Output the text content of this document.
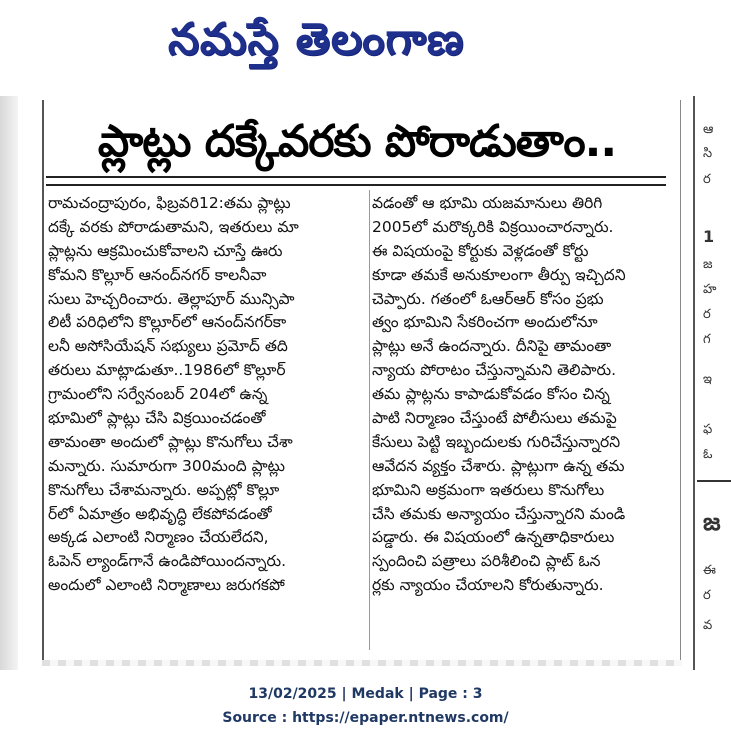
నమస్తే తెలంగాణ
ప్లాట్లు దక్కేవరకు పోరాడుతాం..
రామచంద్రాపురం, ఫిబ్రవరి12:తమ ప్లాట్లు
దక్కే వరకు పోరాడుతామని, ఇతరులు మా
ప్లాట్లను ఆక్రమించుకోవాలని చూస్తే ఊరు
కోమని కొల్లూర్ ఆనంద్‌నగర్ కాలనీవా
సులు హెచ్చరించారు. తెల్లాపూర్ మున్సిపా
లిటీ పరిధిలోని కొల్లూర్‌లో ఆనంద్‌నగర్‌కా
లనీ అసోసియేషన్ సభ్యులు ప్రమోద్ తది
తరులు మాట్లాడుతూ..1986లో కొల్లూర్
గ్రామంలోని సర్వేనంబర్ 204లో ఉన్న
భూమిలో ప్లాట్లు చేసి విక్రయించడంతో
తామంతా అందులో ప్లాట్లు కొనుగోలు చేశా
మన్నారు. సుమారుగా 300మంది ప్లాట్లు
కొనుగోలు చేశామన్నారు. అప్పట్లో కొల్లూ
ర్‌లో ఏమాత్రం అభివృద్ధి లేకపోవడంతో
అక్కడ ఎలాంటి నిర్మాణం చేయలేదని,
ఓపెన్ ల్యాండ్‌గానే ఉండిపోయిందన్నారు.
అందులో ఎలాంటి నిర్మాణాలు జరుగకపో
వడంతో ఆ భూమి యజమానులు తిరిగి
2005లో మరొక్కరికి విక్రయించారన్నారు.
ఈ విషయంపై కోర్టుకు వెళ్లడంతో కోర్టు
కూడా తమకే అనుకూలంగా తీర్పు ఇచ్చిదని
చెప్పారు. గతంలో ఓఆర్ఆర్ కోసం ప్రభు
త్వం భూమిని సేకరించగా అందులోనూ
ప్లాట్లు అనే ఉందన్నారు. దీనిపై తామంతా
న్యాయ పోరాటం చేస్తున్నామని తెలిపారు.
తమ ప్లాట్లను కాపాడుకోవడం కోసం చిన్న
పాటి నిర్మాణం చేస్తుంటే పోలీసులు తమపై
కేసులు పెట్టి ఇబ్బందులకు గురిచేస్తున్నారని
ఆవేదన వ్యక్తం చేశారు. ప్లాట్లుగా ఉన్న తమ
భూమిని అక్రమంగా ఇతరులు కొనుగోలు
చేసి తమకు అన్యాయం చేస్తున్నారని మండి
పడ్డారు. ఈ విషయంలో ఉన్నతాధికారులు
స్పందించి పత్రాలు పరిశీలించి ప్లాట్ ఓన
ర్లకు న్యాయం చేయాలని కోరుతున్నారు.
ఆ
సి
ర
1
జ
హ
ర
గ
ఇ
ఫ
ఓ
జ
ఈ
ర
వ
13/02/2025 | Medak | Page : 3
Source : https://epaper.ntnews.com/
